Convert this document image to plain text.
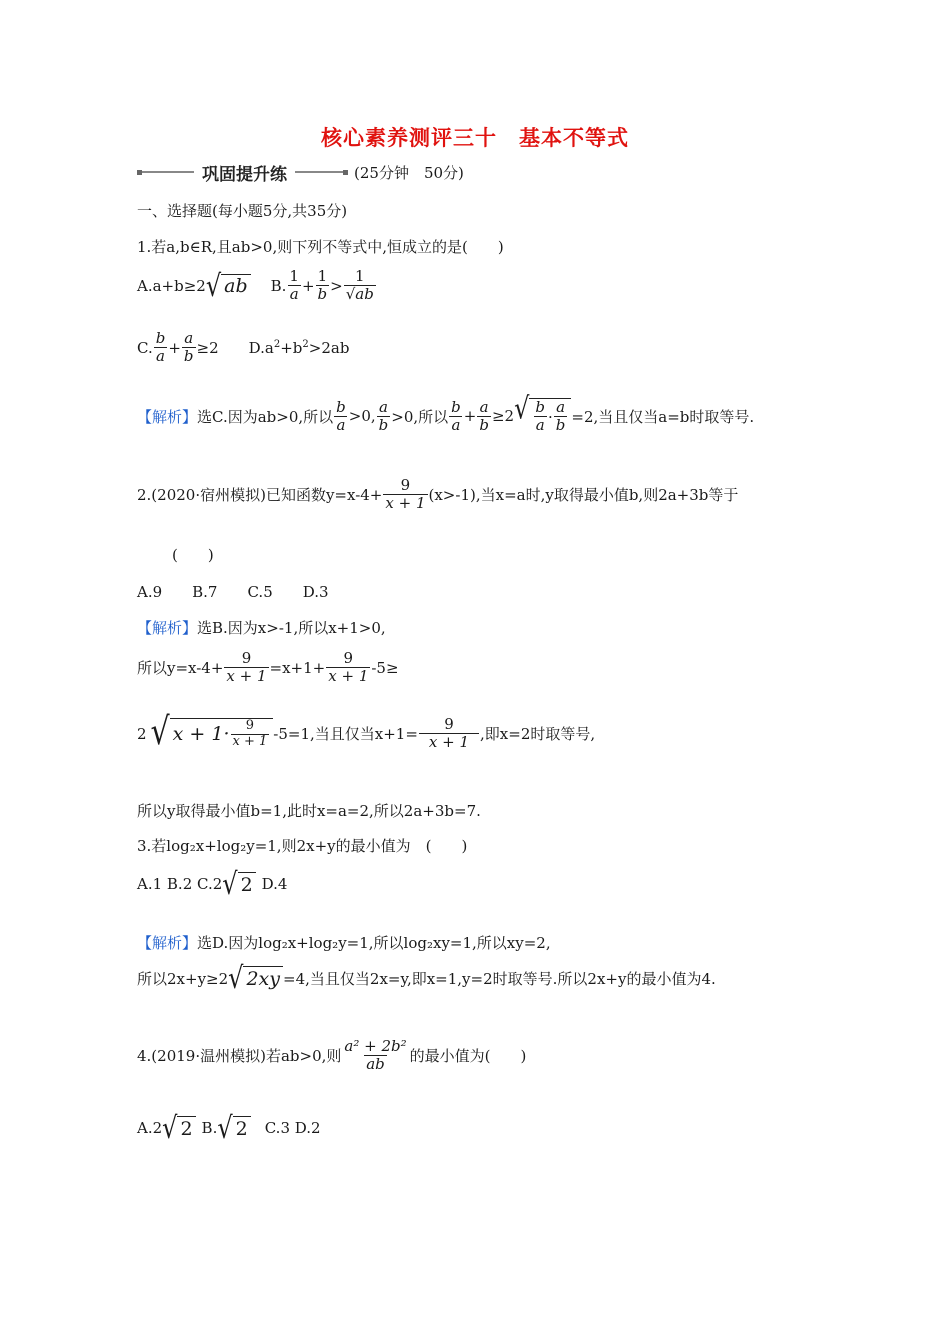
核心素养测评三十　基本不等式
巩固提升练	(25分钟　50分)
一、选择题(每小题5分,共35分)
1.若a,b∈R,且ab>0,则下列不等式中,恒成立的是(　　)
A.a+b≥2 √ ab B. $\frac{1}{a} + \frac{1}{b} > \frac{1}{√ab}$
C. $\frac{b}{a} + \frac{a}{b} \ge 2$ $D.a^2+b^2>2ab$
【解析】 选C.因为ab>0,所以 $\frac{b}{a} >0$, $\frac{a}{b} >0$,所以 $\frac{b}{a} + \frac{a}{b} \ge 2$ √ $\frac{b}{a} \cdot \frac{a}{b} =2$,当且仅当a=b时取等号.
2.(2020·宿州模拟)已知函数$y=x-4+ \frac{9}{x + 1} (x>-1)$,当x=a时,y取得最小值b,则2a+3b等于
(　　)
A.9　　B.7　　C.5　　D.3
【解析】选B.因为x>-1,所以x+1>0,
所以$y=x-4+ \frac{9}{x + 1} =x+1+ \frac{9}{x + 1} -5\ge$
2 √ $x + 1\cdot \frac{9}{x + 1} -5=1$,当且仅当$x+1= \frac{9}{x + 1}$ ,即x=2时取等号,
所以y取得最小值b=1,此时x=a=2,所以2a+3b=7.
3.若log₂x+log₂y=1,则2x+y的最小值为　(　　)
A.1 B.2 C.2 √ 2 D.4
【解析】选D.因为log₂x+log₂y=1,所以log₂xy=1,所以xy=2,
所以2x+y≥2 √ 2xy =4,当且仅当2x=y,即x=1,y=2时取等号.所以2x+y的最小值为4.
4.(2019·温州模拟)若ab>0,则 $\frac{\text{a² + 2b²}}{ab}$ 的最小值为(　　)
A.2 √ 2 B. √ 2 C.3 D.2
